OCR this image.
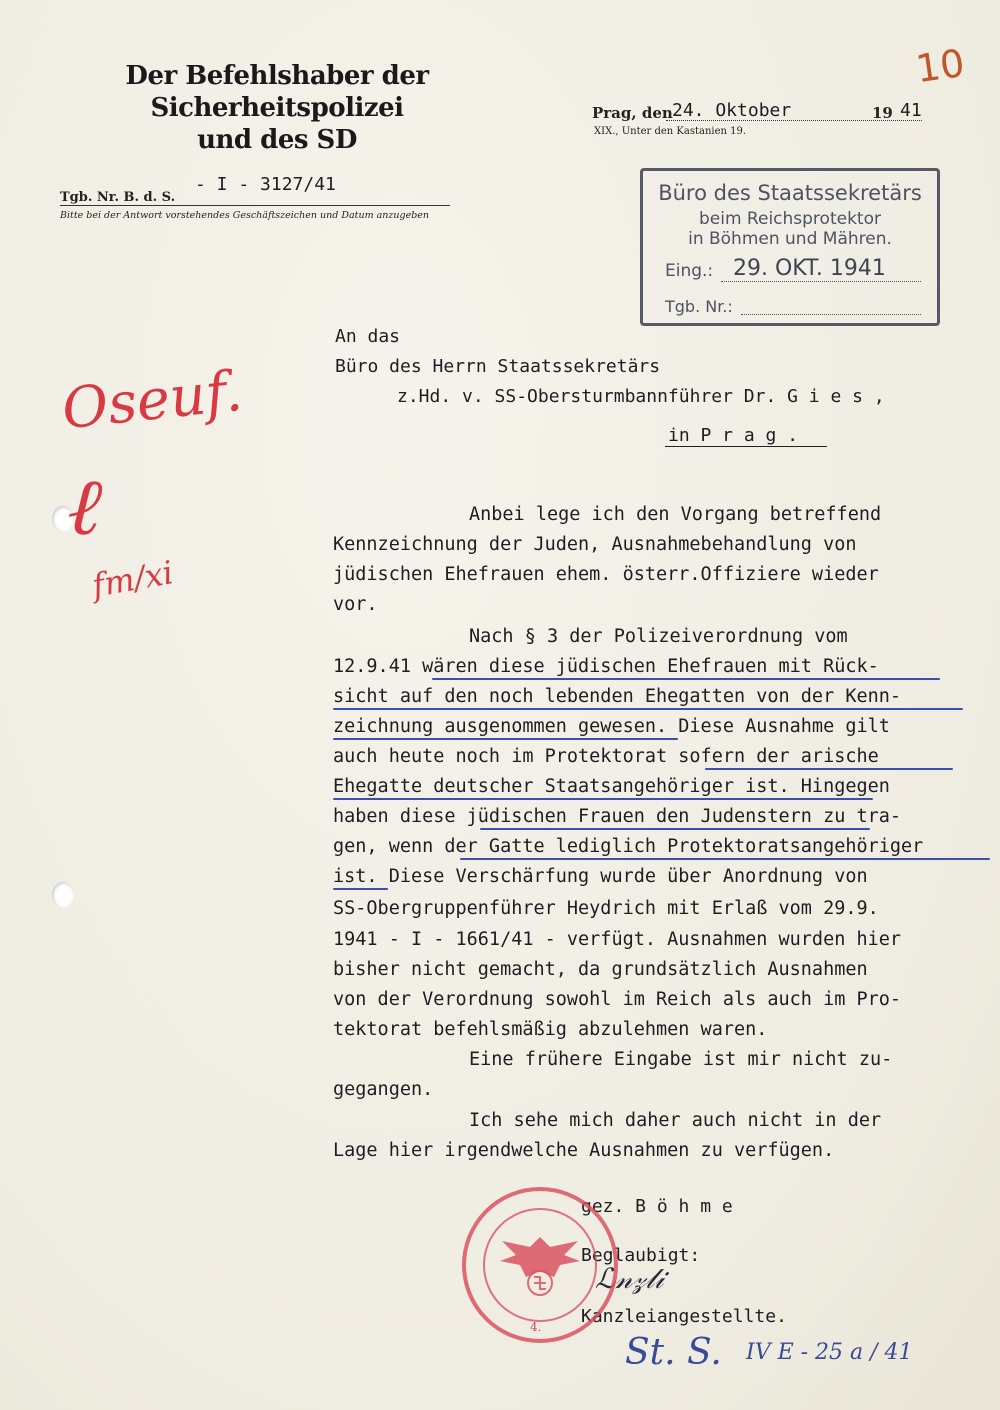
Der Befehlshaber der Sicherheitspolizei
und des SD
Tgb. Nr. B. d. S.
- I - 3127/41
Bitte bei der Antwort vorstehendes Geschäftszeichen und Datum anzugeben
10
Prag, den 24. Oktober	19 41
XIX., Unter den Kastanien 19.
Büro des Staatssekretärs
beim Reichsprotektor
in Böhmen und Mähren.
Eing.: 29. OKT. 1941
Tgb. Nr.:
An das
Büro des Herrn Staatssekretärs
z.Hd. v. SS-Obersturmbannführer Dr. G i e s ,
in P r a g .
Anbei lege ich den Vorgang betreffend
Kennzeichnung der Juden, Ausnahmebehandlung von
jüdischen Ehefrauen ehem. österr.Offiziere wieder
vor.
Nach § 3 der Polizeiverordnung vom
12.9.41 wären diese jüdischen Ehefrauen mit Rück-
sicht auf den noch lebenden Ehegatten von der Kenn-
zeichnung ausgenommen gewesen. Diese Ausnahme gilt
auch heute noch im Protektorat sofern der arische
Ehegatte deutscher Staatsangehöriger ist. Hingegen
haben diese jüdischen Frauen den Judenstern zu tra-
gen, wenn der Gatte lediglich Protektoratsangehöriger
ist. Diese Verschärfung wurde über Anordnung von
SS-Obergruppenführer Heydrich mit Erlaß vom 29.9.
1941 - I - 1661/41 - verfügt. Ausnahmen wurden hier
bisher nicht gemacht, da grundsätzlich Ausnahmen
von der Verordnung sowohl im Reich als auch im Pro-
tektorat befehlsmäßig abzulehmen waren.
Eine frühere Eingabe ist mir nicht zu-
gegangen.
Ich sehe mich daher auch nicht in der
Lage hier irgendwelche Ausnahmen zu verfügen.
Oseuf.
ℓ
fm/xi
gez. B ö h m e
Beglaubigt:
ℒ𝓃𝓏𝓁𝒾
Kanzleiangestellte.
4.
St. S. IV E - 25 a / 41
